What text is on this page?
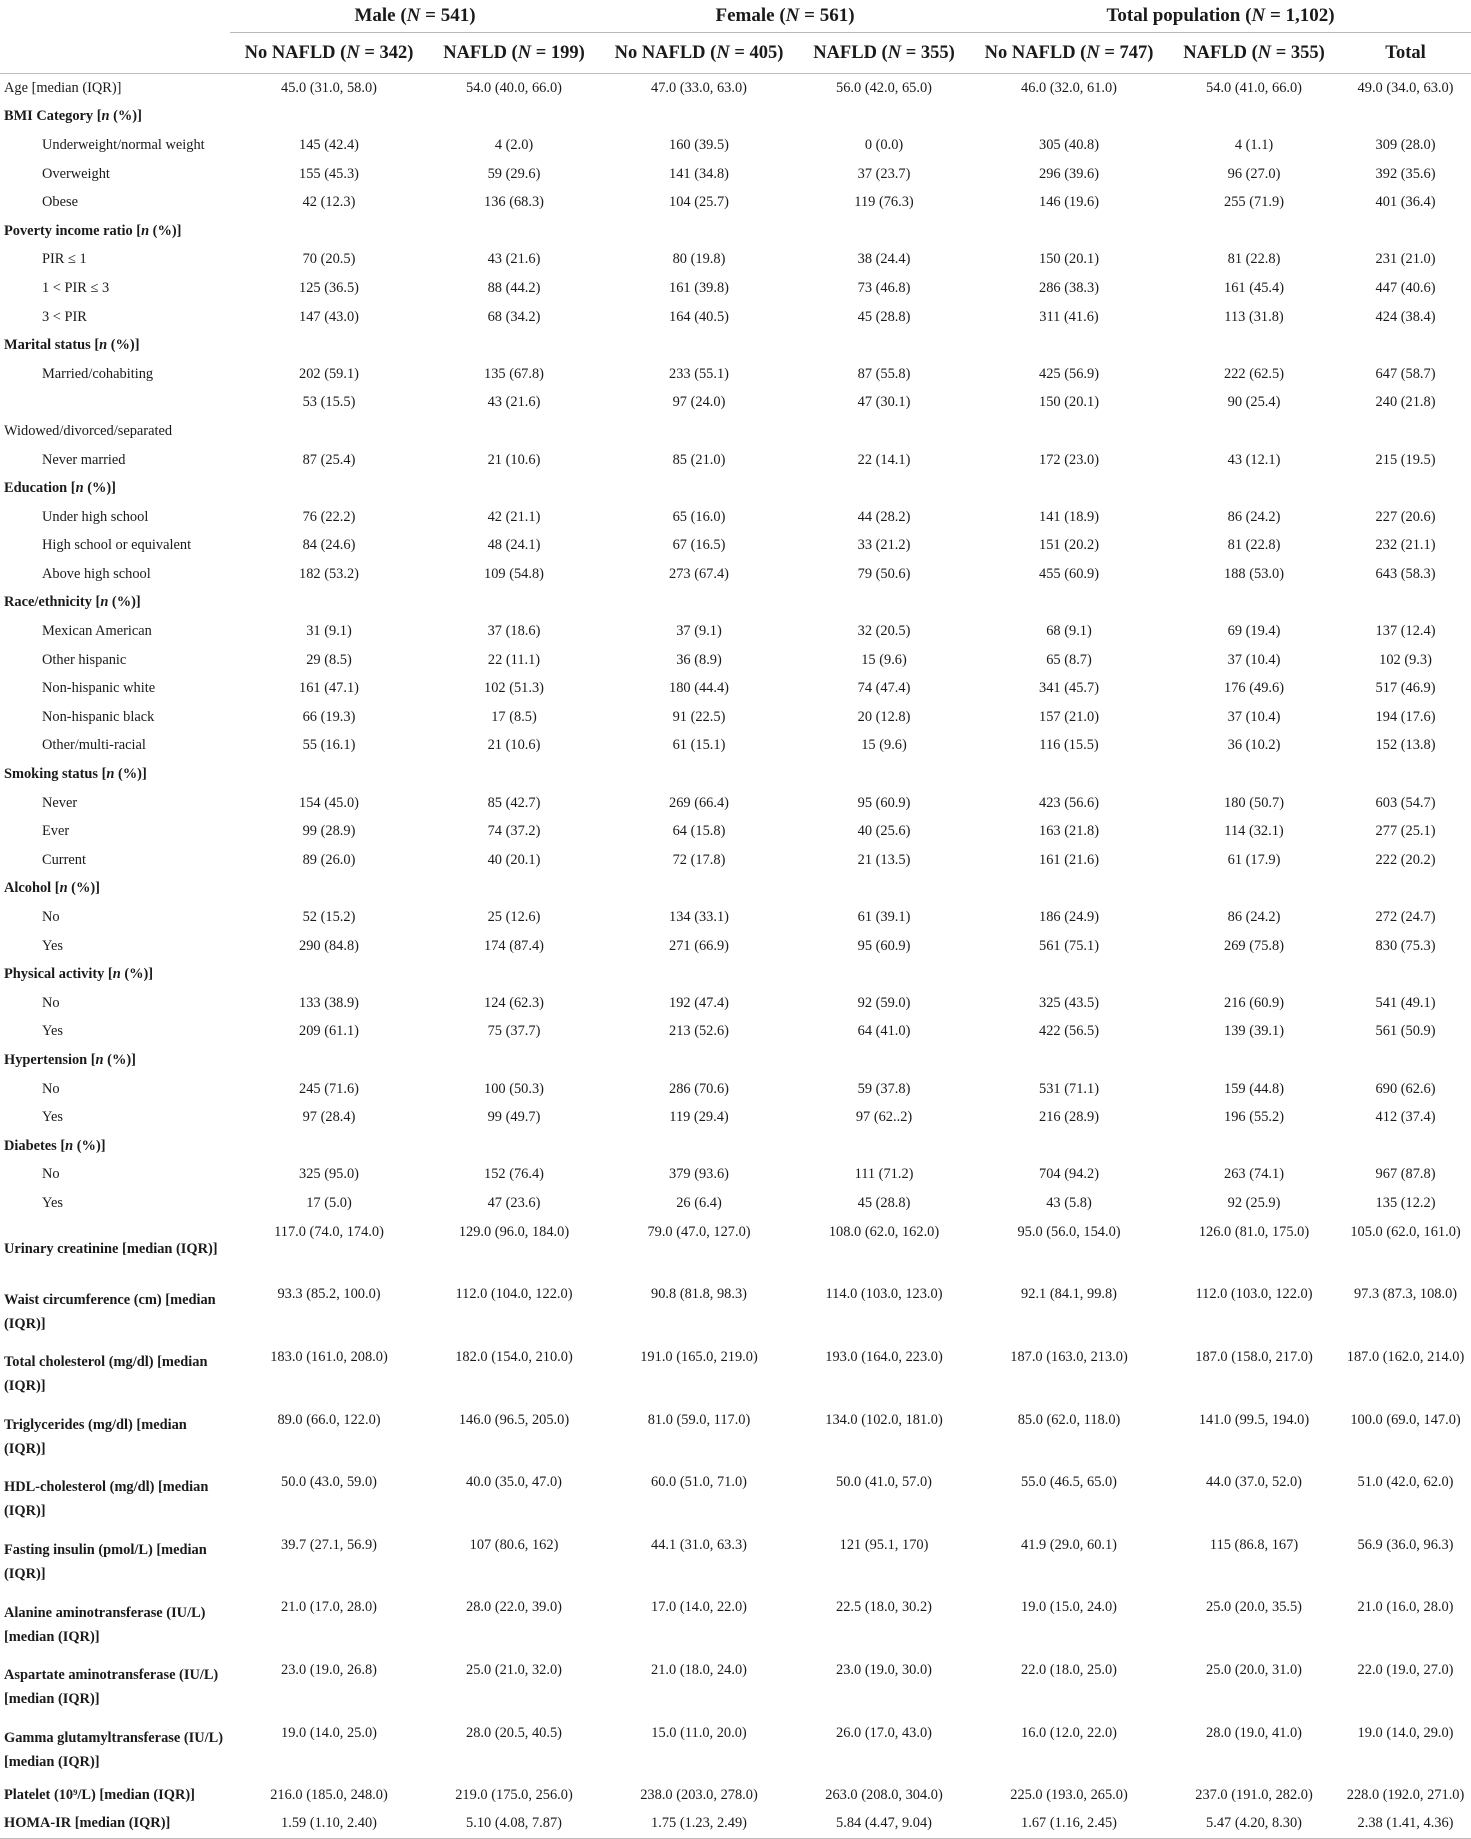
	Male (N = 541)		Female (N = 561)		Total population (N = 1,102)		
	No NAFLD (N = 342)	NAFLD (N = 199)	No NAFLD (N = 405)	NAFLD (N = 355)	No NAFLD (N = 747)	NAFLD (N = 355)	Total
Age [median (IQR)]	45.0 (31.0, 58.0)	54.0 (40.0, 66.0)	47.0 (33.0, 63.0)	56.0 (42.0, 65.0)	46.0 (32.0, 61.0)	54.0 (41.0, 66.0)	49.0 (34.0, 63.0)
BMI Category [n (%)]							
Underweight/normal weight	145 (42.4)	4 (2.0)	160 (39.5)	0 (0.0)	305 (40.8)	4 (1.1)	309 (28.0)
Overweight	155 (45.3)	59 (29.6)	141 (34.8)	37 (23.7)	296 (39.6)	96 (27.0)	392 (35.6)
Obese	42 (12.3)	136 (68.3)	104 (25.7)	119 (76.3)	146 (19.6)	255 (71.9)	401 (36.4)
Poverty income ratio [n (%)]							
PIR ≤ 1	70 (20.5)	43 (21.6)	80 (19.8)	38 (24.4)	150 (20.1)	81 (22.8)	231 (21.0)
1 < PIR ≤ 3	125 (36.5)	88 (44.2)	161 (39.8)	73 (46.8)	286 (38.3)	161 (45.4)	447 (40.6)
3 < PIR	147 (43.0)	68 (34.2)	164 (40.5)	45 (28.8)	311 (41.6)	113 (31.8)	424 (38.4)
Marital status [n (%)]							
Married/cohabiting	202 (59.1)	135 (67.8)	233 (55.1)	87 (55.8)	425 (56.9)	222 (62.5)	647 (58.7)
	53 (15.5)	43 (21.6)	97 (24.0)	47 (30.1)	150 (20.1)	90 (25.4)	240 (21.8)
Widowed/divorced/separated							
Never married	87 (25.4)	21 (10.6)	85 (21.0)	22 (14.1)	172 (23.0)	43 (12.1)	215 (19.5)
Education [n (%)]							
Under high school	76 (22.2)	42 (21.1)	65 (16.0)	44 (28.2)	141 (18.9)	86 (24.2)	227 (20.6)
High school or equivalent	84 (24.6)	48 (24.1)	67 (16.5)	33 (21.2)	151 (20.2)	81 (22.8)	232 (21.1)
Above high school	182 (53.2)	109 (54.8)	273 (67.4)	79 (50.6)	455 (60.9)	188 (53.0)	643 (58.3)
Race/ethnicity [n (%)]							
Mexican American	31 (9.1)	37 (18.6)	37 (9.1)	32 (20.5)	68 (9.1)	69 (19.4)	137 (12.4)
Other hispanic	29 (8.5)	22 (11.1)	36 (8.9)	15 (9.6)	65 (8.7)	37 (10.4)	102 (9.3)
Non-hispanic white	161 (47.1)	102 (51.3)	180 (44.4)	74 (47.4)	341 (45.7)	176 (49.6)	517 (46.9)
Non-hispanic black	66 (19.3)	17 (8.5)	91 (22.5)	20 (12.8)	157 (21.0)	37 (10.4)	194 (17.6)
Other/multi-racial	55 (16.1)	21 (10.6)	61 (15.1)	15 (9.6)	116 (15.5)	36 (10.2)	152 (13.8)
Smoking status [n (%)]							
Never	154 (45.0)	85 (42.7)	269 (66.4)	95 (60.9)	423 (56.6)	180 (50.7)	603 (54.7)
Ever	99 (28.9)	74 (37.2)	64 (15.8)	40 (25.6)	163 (21.8)	114 (32.1)	277 (25.1)
Current	89 (26.0)	40 (20.1)	72 (17.8)	21 (13.5)	161 (21.6)	61 (17.9)	222 (20.2)
Alcohol [n (%)]							
No	52 (15.2)	25 (12.6)	134 (33.1)	61 (39.1)	186 (24.9)	86 (24.2)	272 (24.7)
Yes	290 (84.8)	174 (87.4)	271 (66.9)	95 (60.9)	561 (75.1)	269 (75.8)	830 (75.3)
Physical activity [n (%)]							
No	133 (38.9)	124 (62.3)	192 (47.4)	92 (59.0)	325 (43.5)	216 (60.9)	541 (49.1)
Yes	209 (61.1)	75 (37.7)	213 (52.6)	64 (41.0)	422 (56.5)	139 (39.1)	561 (50.9)
Hypertension [n (%)]							
No	245 (71.6)	100 (50.3)	286 (70.6)	59 (37.8)	531 (71.1)	159 (44.8)	690 (62.6)
Yes	97 (28.4)	99 (49.7)	119 (29.4)	97 (62..2)	216 (28.9)	196 (55.2)	412 (37.4)
Diabetes [n (%)]							
No	325 (95.0)	152 (76.4)	379 (93.6)	111 (71.2)	704 (94.2)	263 (74.1)	967 (87.8)
Yes	17 (5.0)	47 (23.6)	26 (6.4)	45 (28.8)	43 (5.8)	92 (25.9)	135 (12.2)
Urinary creatinine [median (IQR)]	117.0 (74.0, 174.0)	129.0 (96.0, 184.0)	79.0 (47.0, 127.0)	108.0 (62.0, 162.0)	95.0 (56.0, 154.0)	126.0 (81.0, 175.0)	105.0 (62.0, 161.0)
Waist circumference (cm) [median (IQR)]	93.3 (85.2, 100.0)	112.0 (104.0, 122.0)	90.8 (81.8, 98.3)	114.0 (103.0, 123.0)	92.1 (84.1, 99.8)	112.0 (103.0, 122.0)	97.3 (87.3, 108.0)
Total cholesterol (mg/dl) [median (IQR)]	183.0 (161.0, 208.0)	182.0 (154.0, 210.0)	191.0 (165.0, 219.0)	193.0 (164.0, 223.0)	187.0 (163.0, 213.0)	187.0 (158.0, 217.0)	187.0 (162.0, 214.0)
Triglycerides (mg/dl) [median (IQR)]	89.0 (66.0, 122.0)	146.0 (96.5, 205.0)	81.0 (59.0, 117.0)	134.0 (102.0, 181.0)	85.0 (62.0, 118.0)	141.0 (99.5, 194.0)	100.0 (69.0, 147.0)
HDL-cholesterol (mg/dl) [median (IQR)]	50.0 (43.0, 59.0)	40.0 (35.0, 47.0)	60.0 (51.0, 71.0)	50.0 (41.0, 57.0)	55.0 (46.5, 65.0)	44.0 (37.0, 52.0)	51.0 (42.0, 62.0)
Fasting insulin (pmol/L) [median (IQR)]	39.7 (27.1, 56.9)	107 (80.6, 162)	44.1 (31.0, 63.3)	121 (95.1, 170)	41.9 (29.0, 60.1)	115 (86.8, 167)	56.9 (36.0, 96.3)
Alanine aminotransferase (IU/L) [median (IQR)]	21.0 (17.0, 28.0)	28.0 (22.0, 39.0)	17.0 (14.0, 22.0)	22.5 (18.0, 30.2)	19.0 (15.0, 24.0)	25.0 (20.0, 35.5)	21.0 (16.0, 28.0)
Aspartate aminotransferase (IU/L) [median (IQR)]	23.0 (19.0, 26.8)	25.0 (21.0, 32.0)	21.0 (18.0, 24.0)	23.0 (19.0, 30.0)	22.0 (18.0, 25.0)	25.0 (20.0, 31.0)	22.0 (19.0, 27.0)
Gamma glutamyltransferase (IU/L) [median (IQR)]	19.0 (14.0, 25.0)	28.0 (20.5, 40.5)	15.0 (11.0, 20.0)	26.0 (17.0, 43.0)	16.0 (12.0, 22.0)	28.0 (19.0, 41.0)	19.0 (14.0, 29.0)
Platelet (10⁹/L) [median (IQR)]	216.0 (185.0, 248.0)	219.0 (175.0, 256.0)	238.0 (203.0, 278.0)	263.0 (208.0, 304.0)	225.0 (193.0, 265.0)	237.0 (191.0, 282.0)	228.0 (192.0, 271.0)
HOMA-IR [median (IQR)]	1.59 (1.10, 2.40)	5.10 (4.08, 7.87)	1.75 (1.23, 2.49)	5.84 (4.47, 9.04)	1.67 (1.16, 2.45)	5.47 (4.20, 8.30)	2.38 (1.41, 4.36)
